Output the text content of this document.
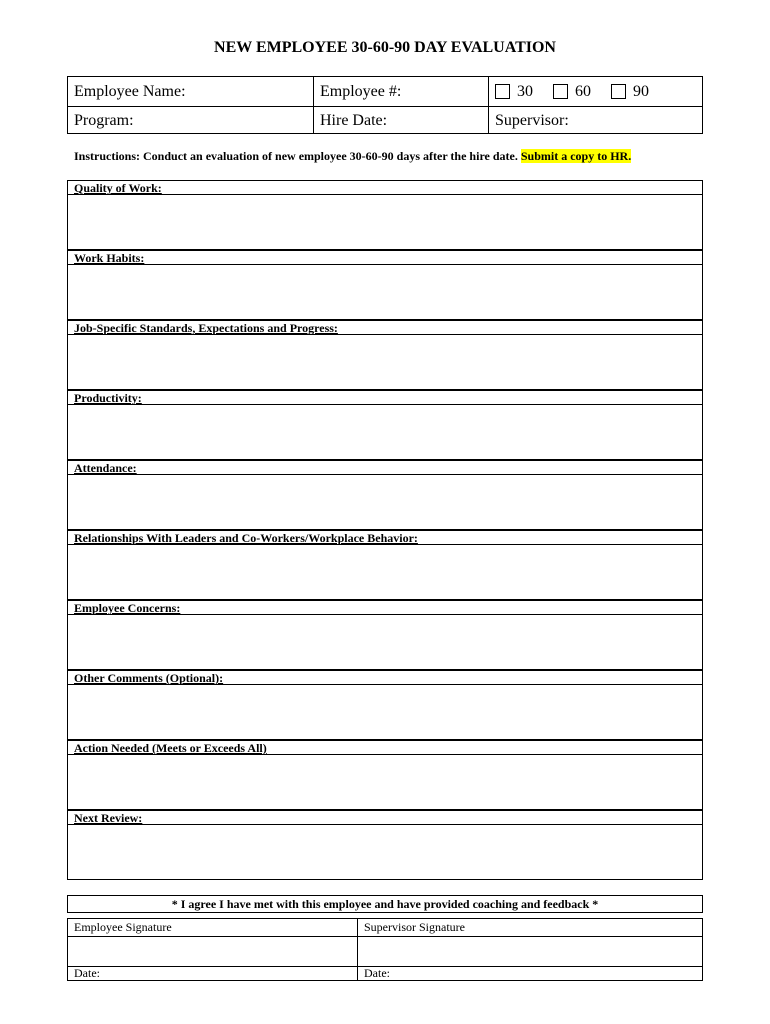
NEW EMPLOYEE 30-60-90 DAY EVALUATION
Employee Name:	Employee #:	30	60	90
Program:	Hire Date:	Supervisor:
Instructions: Conduct an evaluation of new employee 30-60-90 days after the hire date. Submit a copy to HR.
Quality of Work:
Work Habits:
Job-Specific Standards, Expectations and Progress:
Productivity:
Attendance:
Relationships With Leaders and Co-Workers/Workplace Behavior:
Employee Concerns:
Other Comments (Optional):
Action Needed (Meets or Exceeds All)
Next Review:
* I agree I have met with this employee and have provided coaching and feedback *
Employee Signature	Supervisor Signature
Date:	Date:
